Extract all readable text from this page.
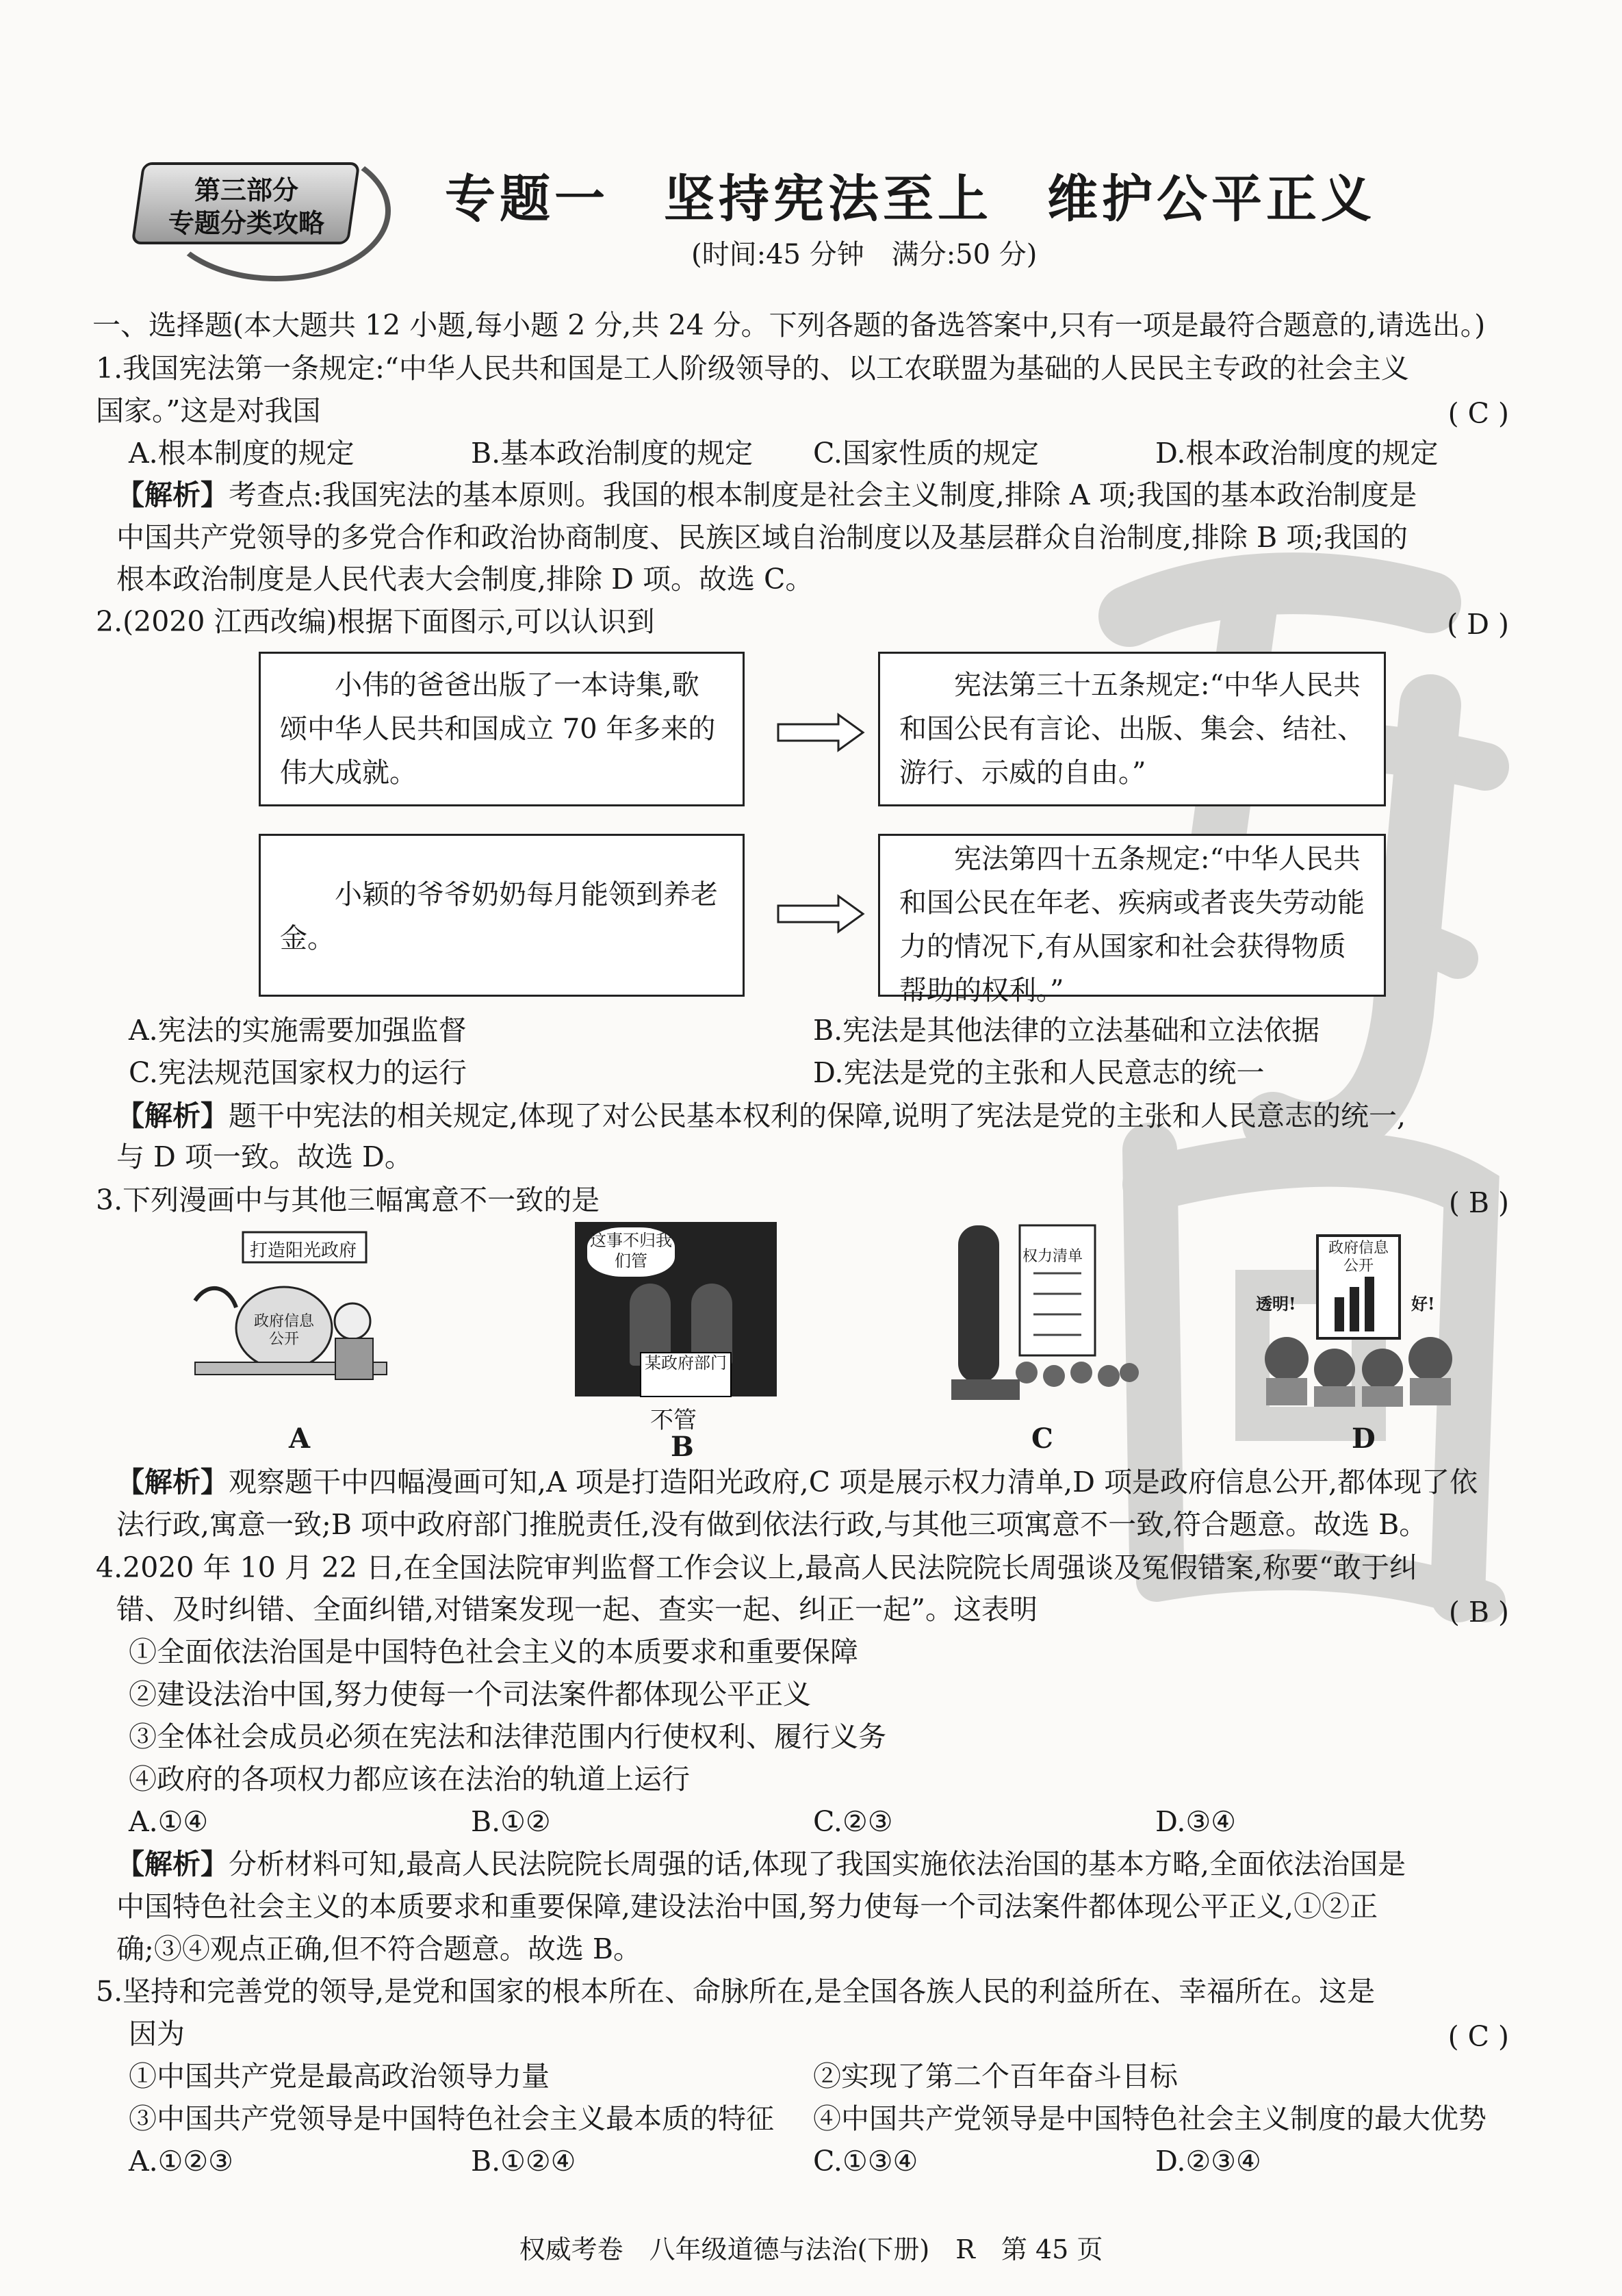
第三部分
专题分类攻略	专题一　坚持宪法至上　维护公平正义
(时间:45 分钟　满分:50 分)
一、选择题(本大题共 12 小题,每小题 2 分,共 24 分。下列各题的备选答案中,只有一项是最符合题意的,请选出。)
1.我国宪法第一条规定:“中华人民共和国是工人阶级领导的、以工农联盟为基础的人民民主专政的社会主义
国家。”这是对我国	( C )
A.根本制度的规定	B.基本政治制度的规定 C.国家性质的规定	D.根本政治制度的规定
【解析】考查点:我国宪法的基本原则。我国的根本制度是社会主义制度,排除 A 项;我国的基本政治制度是
中国共产党领导的多党合作和政治协商制度、民族区域自治制度以及基层群众自治制度,排除 B 项;我国的
根本政治制度是人民代表大会制度,排除 D 项。故选 C。
2.(2020 江西改编)根据下面图示,可以认识到	( D )
　　小伟的爸爸出版了一本诗集,歌颂中华人民共和国成立 70 年多来的伟大成就。
　　宪法第三十五条规定:“中华人民共和国公民有言论、出版、集会、结社、游行、示威的自由。”
　　小颖的爷爷奶奶每月能领到养老金。
　　宪法第四十五条规定:“中华人民共和国公民在年老、疾病或者丧失劳动能力的情况下,有从国家和社会获得物质帮助的权利。”
A.宪法的实施需要加强监督	B.宪法是其他法律的立法基础和立法依据
C.宪法规范国家权力的运行	D.宪法是党的主张和人民意志的统一
【解析】题干中宪法的相关规定,体现了对公民基本权利的保障,说明了宪法是党的主张和人民意志的统一,
与 D 项一致。故选 D。
3.下列漫画中与其他三幅寓意不一致的是	( B )
打造阳光政府
政府信息公开
A
这事不归我们管
某政府部门
不管
B
权力清单
C
政府信息公开
透明!	好!
D
【解析】观察题干中四幅漫画可知,A 项是打造阳光政府,C 项是展示权力清单,D 项是政府信息公开,都体现了依
法行政,寓意一致;B 项中政府部门推脱责任,没有做到依法行政,与其他三项寓意不一致,符合题意。故选 B。
4.2020 年 10 月 22 日,在全国法院审判监督工作会议上,最高人民法院院长周强谈及冤假错案,称要“敢于纠
错、及时纠错、全面纠错,对错案发现一起、查实一起、纠正一起”。这表明	( B )
①全面依法治国是中国特色社会主义的本质要求和重要保障
②建设法治中国,努力使每一个司法案件都体现公平正义
③全体社会成员必须在宪法和法律范围内行使权利、履行义务
④政府的各项权力都应该在法治的轨道上运行
A.①④	B.①②	C.②③	D.③④
【解析】分析材料可知,最高人民法院院长周强的话,体现了我国实施依法治国的基本方略,全面依法治国是
中国特色社会主义的本质要求和重要保障,建设法治中国,努力使每一个司法案件都体现公平正义,①②正
确;③④观点正确,但不符合题意。故选 B。
5.坚持和完善党的领导,是党和国家的根本所在、命脉所在,是全国各族人民的利益所在、幸福所在。这是
因为	( C )
①中国共产党是最高政治领导力量	②实现了第二个百年奋斗目标
③中国共产党领导是中国特色社会主义最本质的特征 ④中国共产党领导是中国特色社会主义制度的最大优势
A.①②③	B.①②④	C.①③④	D.②③④
权威考卷　八年级道德与法治(下册)　R　第 45 页
